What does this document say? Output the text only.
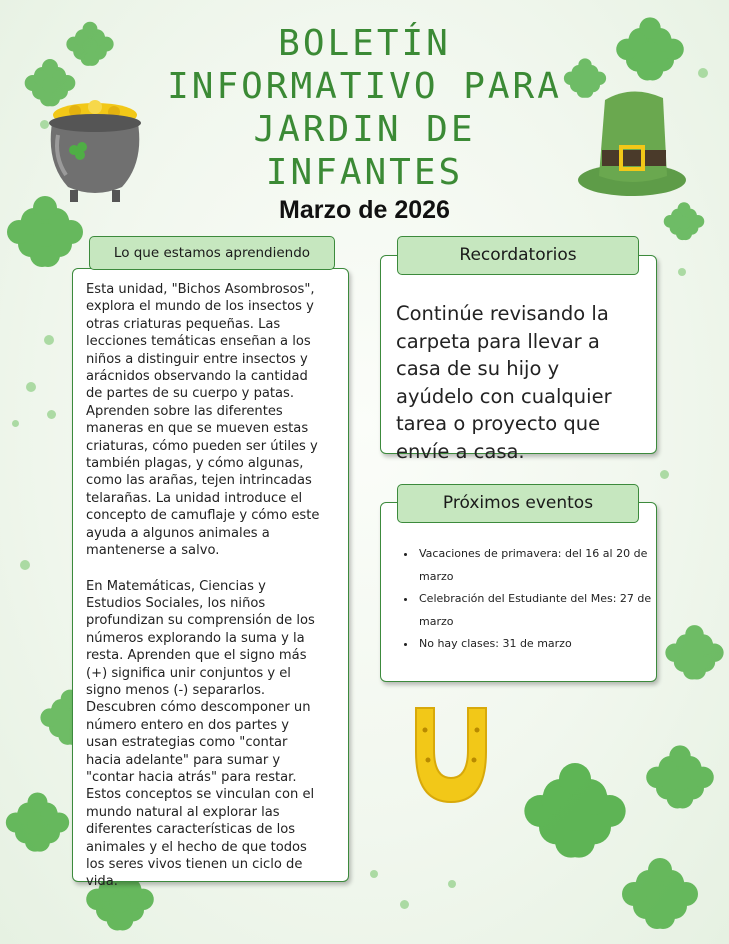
BOLETÍN
INFORMATIVO PARA
JARDIN DE
INFANTES
Marzo de 2026

Esta unidad, "Bichos Asombrosos", explora el mundo de los insectos y otras criaturas pequeñas. Las lecciones temáticas enseñan a los niños a distinguir entre insectos y arácnidos observando la cantidad de partes de su cuerpo y patas. Aprenden sobre las diferentes maneras en que se mueven estas criaturas, cómo pueden ser útiles y también plagas, y cómo algunas, como las arañas, tejen intrincadas telarañas. La unidad introduce el concepto de camuflaje y cómo este ayuda a algunos animales a mantenerse a salvo.

En Matemáticas, Ciencias y Estudios Sociales, los niños profundizan su comprensión de los números explorando la suma y la resta. Aprenden que el signo más (+) significa unir conjuntos y el signo menos (-) separarlos. Descubren cómo descomponer un número entero en dos partes y usan estrategias como "contar hacia adelante" para sumar y "contar hacia atrás" para restar. Estos conceptos se vinculan con el mundo natural al explorar las diferentes características de los animales y el hecho de que todos los seres vivos tienen un ciclo de vida.

Lo que estamos aprendiendo
Continúe revisando la carpeta para llevar a casa de su hijo y ayúdelo con cualquier tarea o proyecto que envíe a casa.
Recordatorios
• Vacaciones de primavera: del 16 al 20 de marzo
• Celebración del Estudiante del Mes: 27 de marzo
• No hay clases: 31 de marzo
Próximos eventos
